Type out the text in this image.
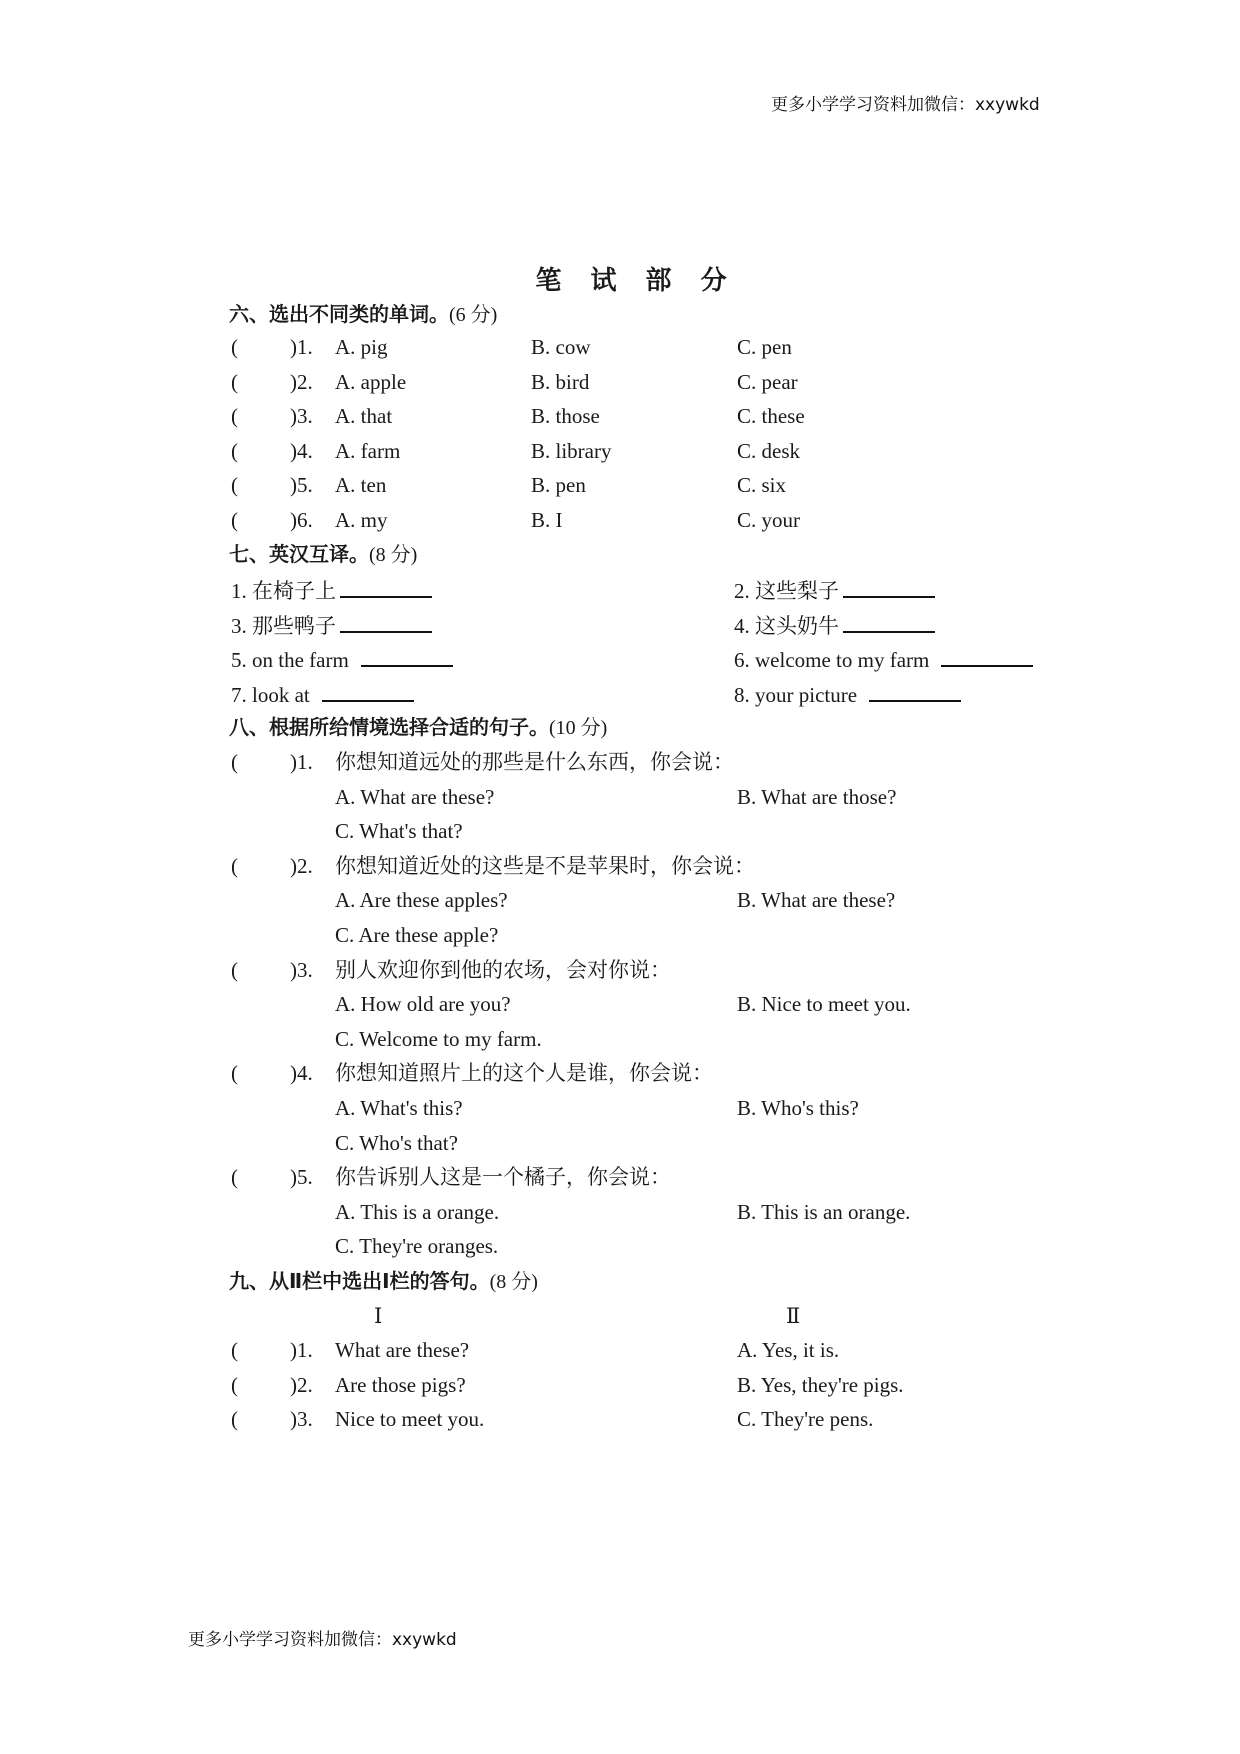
更多小学学习资料加微信：xxywkd
笔 试 部 分
六、选出不同类的单词。(6 分)
( )1. A. pig	B. cow	C. pen
( )2. A. apple	B. bird	C. pear
( )3. A. that	B. those	C. these
( )4. A. farm	B. library	C. desk
( )5. A. ten	B. pen	C. six
( )6. A. my	B. I	C. your
七、英汉互译。(8 分)
1. 在椅子上	2. 这些梨子
3. 那些鸭子	4. 这头奶牛
5. on the farm	6. welcome to my farm
7. look at	8. your picture
八、根据所给情境选择合适的句子。(10 分)
( )1. 你想知道远处的那些是什么东西，你会说：
A. What are these?	B. What are those?
C. What's that?
( )2. 你想知道近处的这些是不是苹果时，你会说：
A. Are these apples?	B. What are these?
C. Are these apple?
( )3. 别人欢迎你到他的农场，会对你说：
A. How old are you?	B. Nice to meet you.
C. Welcome to my farm.
( )4. 你想知道照片上的这个人是谁，你会说：
A. What's this?	B. Who's this?
C. Who's that?
( )5. 你告诉别人这是一个橘子，你会说：
A. This is a orange.	B. This is an orange.
C. They're oranges.
九、从Ⅱ栏中选出Ⅰ栏的答句。(8 分)
Ⅰ	Ⅱ
( )1. What are these?	A. Yes, it is.
( )2. Are those pigs?	B. Yes, they're pigs.
( )3. Nice to meet you.	C. They're pens.
更多小学学习资料加微信：xxywkd
